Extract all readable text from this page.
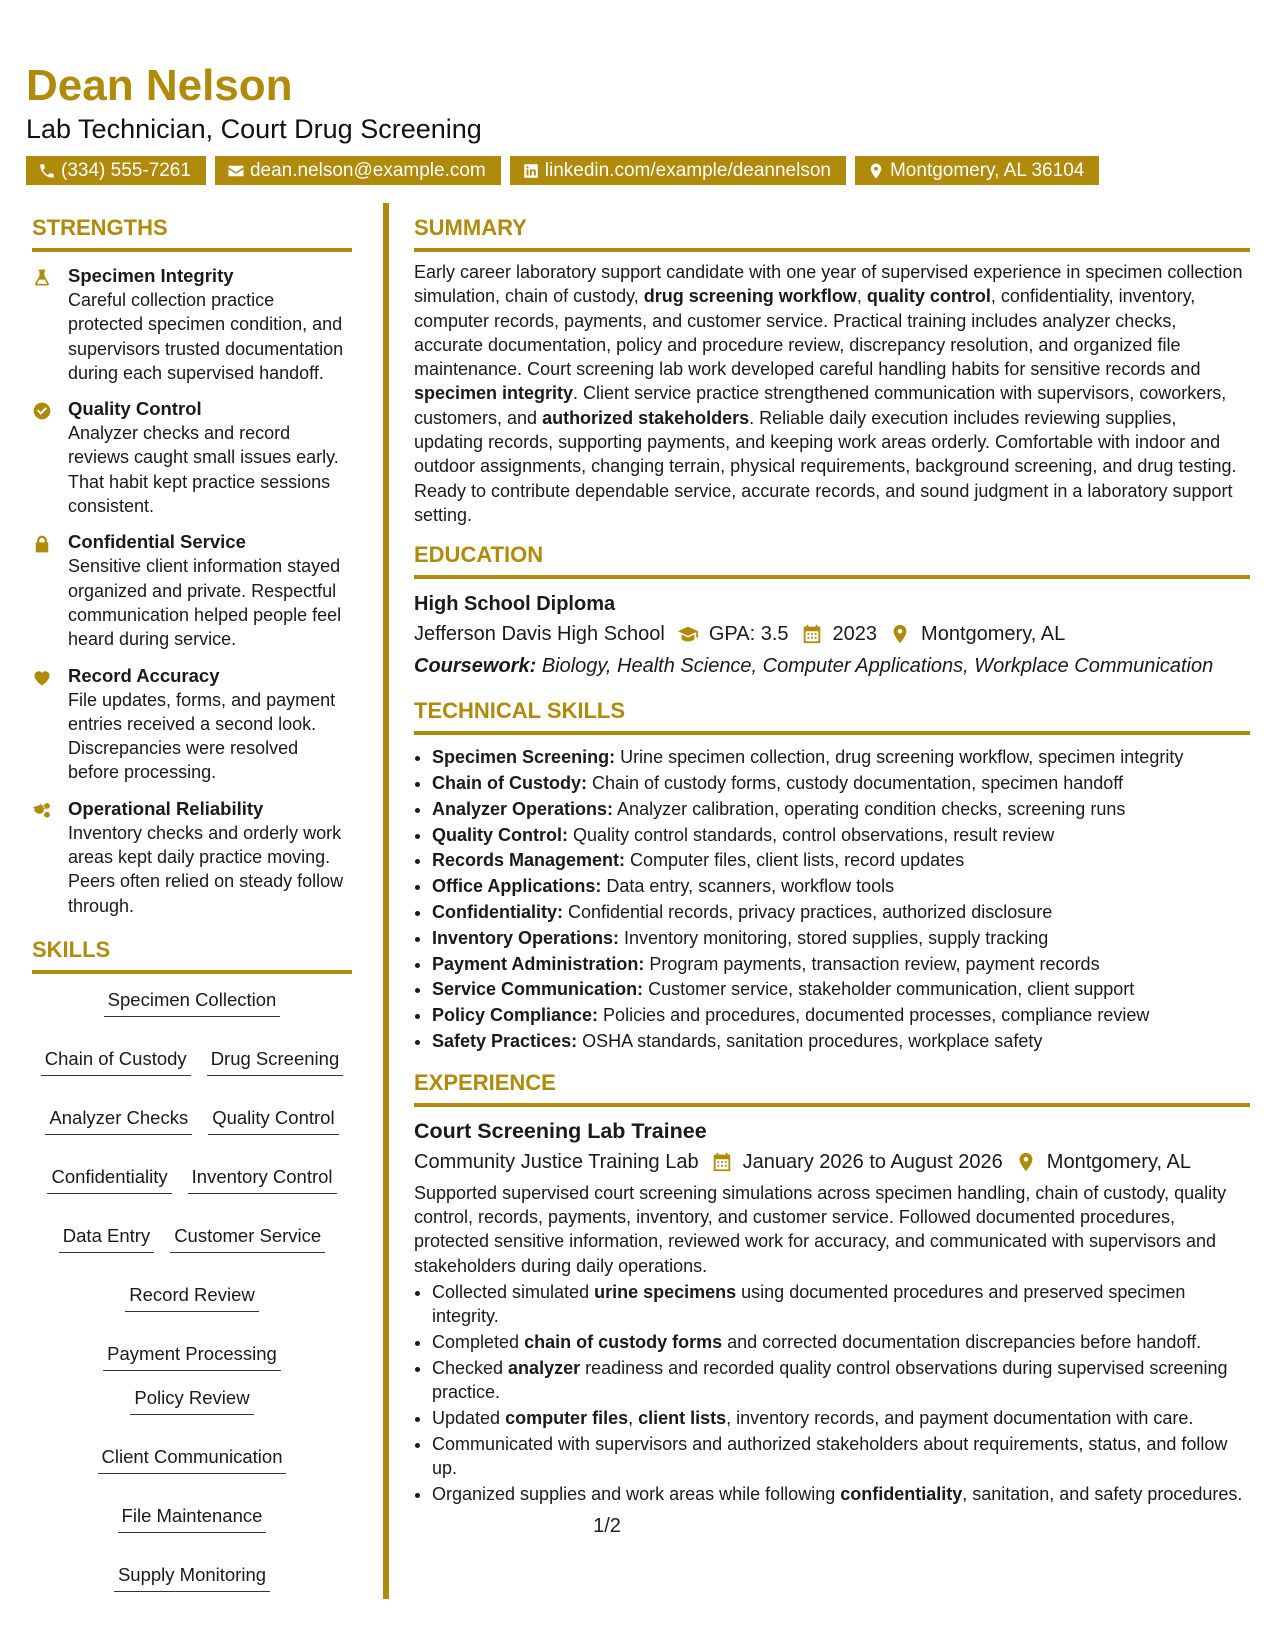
Dean Nelson

Lab Technician, Court Drug Screening

(334) 555-7261	dean.nelson@example.com	linkedin.com/example/deannelson	Montgomery, AL 36104
STRENGTHS
Specimen Integrity
Careful collection practice protected specimen condition, and supervisors trusted documentation during each supervised handoff.
Quality Control
Analyzer checks and record reviews caught small issues early. That habit kept practice sessions consistent.
Confidential Service
Sensitive client information stayed organized and private. Respectful communication helped people feel heard during service.
Record Accuracy
File updates, forms, and payment entries received a second look. Discrepancies were resolved before processing.
Operational Reliability
Inventory checks and orderly work areas kept daily practice moving. Peers often relied on steady follow through.
SKILLS
Specimen Collection
Chain of Custody Drug Screening
Analyzer Checks Quality Control
Confidentiality Inventory Control
Data Entry Customer Service
Record Review
Payment Processing
Policy Review
Client Communication
File Maintenance
Supply Monitoring
SUMMARY

Early career laboratory support candidate with one year of supervised experience in specimen collection simulation, chain of custody, drug screening workflow, quality control, confidentiality, inventory, computer records, payments, and customer service. Practical training includes analyzer checks, accurate documentation, policy and procedure review, discrepancy resolution, and organized file maintenance. Court screening lab work developed careful handling habits for sensitive records and specimen integrity. Client service practice strengthened communication with supervisors, coworkers, customers, and authorized stakeholders. Reliable daily execution includes reviewing supplies, updating records, supporting payments, and keeping work areas orderly. Comfortable with indoor and outdoor assignments, changing terrain, physical requirements, background screening, and drug testing. Ready to contribute dependable service, accurate records, and sound judgment in a laboratory support setting.

EDUCATION
High School Diploma
Jefferson Davis High School GPA: 3.5 2023 Montgomery, AL
Coursework: Biology, Health Science, Computer Applications, Workplace Communication
TECHNICAL SKILLS
• Specimen Screening: Urine specimen collection, drug screening workflow, specimen integrity
• Chain of Custody: Chain of custody forms, custody documentation, specimen handoff
• Analyzer Operations: Analyzer calibration, operating condition checks, screening runs
• Quality Control: Quality control standards, control observations, result review
• Records Management: Computer files, client lists, record updates
• Office Applications: Data entry, scanners, workflow tools
• Confidentiality: Confidential records, privacy practices, authorized disclosure
• Inventory Operations: Inventory monitoring, stored supplies, supply tracking
• Payment Administration: Program payments, transaction review, payment records
• Service Communication: Customer service, stakeholder communication, client support
• Policy Compliance: Policies and procedures, documented processes, compliance review
• Safety Practices: OSHA standards, sanitation procedures, workplace safety
EXPERIENCE
Court Screening Lab Trainee
Community Justice Training Lab January 2026 to August 2026 Montgomery, AL

Supported supervised court screening simulations across specimen handling, chain of custody, quality control, records, payments, inventory, and customer service. Followed documented procedures, protected sensitive information, reviewed work for accuracy, and communicated with supervisors and stakeholders during daily operations.

• Collected simulated urine specimens using documented procedures and preserved specimen integrity.
• Completed chain of custody forms and corrected documentation discrepancies before handoff.
• Checked analyzer readiness and recorded quality control observations during supervised screening practice.
• Updated computer files, client lists, inventory records, and payment documentation with care.
• Communicated with supervisors and authorized stakeholders about requirements, status, and follow up.
• Organized supplies and work areas while following confidentiality, sanitation, and safety procedures.
1/2
